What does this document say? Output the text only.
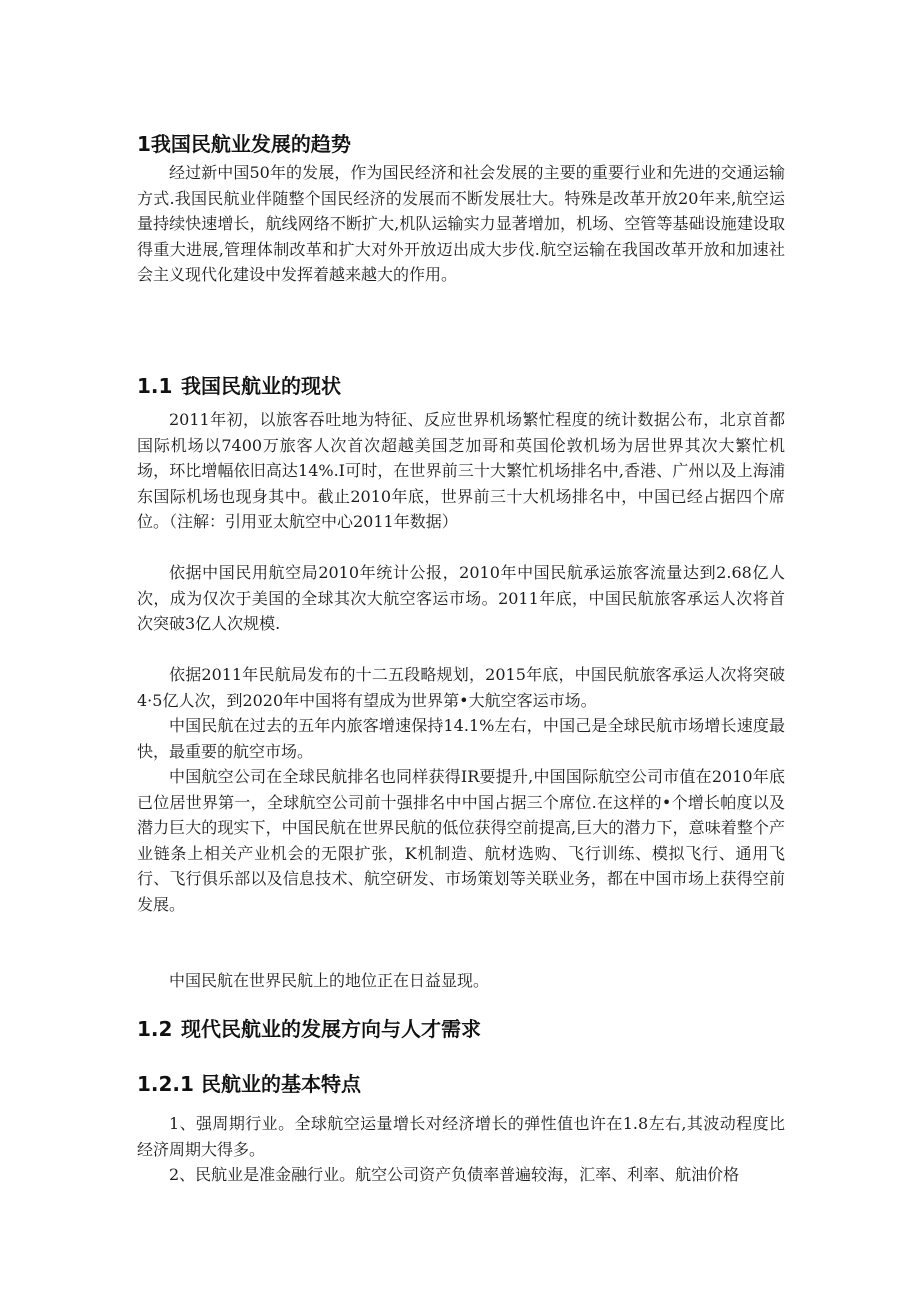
1我国民航业发展的趋势

经过新中国50年的发展，作为国民经济和社会发展的主要的重要行业和先进的交通运输方式.我国民航业伴随整个国民经济的发展而不断发展壮大。特殊是改革开放20年来,航空运量持续快速增长，航线网络不断扩大,机队运输实力显著增加，机场、空管等基础设施建设取得重大进展,管理体制改革和扩大对外开放迈出成大步伐.航空运输在我国改革开放和加速社会主义现代化建设中发挥着越来越大的作用。

1.1 我国民航业的现状

2011年初，以旅客吞吐地为特征、反应世界机场繁忙程度的统计数据公布，北京首都国际机场以7400万旅客人次首次超越美国芝加哥和英国伦敦机场为居世界其次大繁忙机场，环比增幅依旧高达14%.I可时，在世界前三十大繁忙机场排名中,香港、广州以及上海浦东国际机场也现身其中。截止2010年底，世界前三十大机场排名中，中国已经占据四个席位。（注解：引用亚太航空中心2011年数据）

依据中国民用航空局2010年统计公报，2010年中国民航承运旅客流量达到2.68亿人次，成为仅次于美国的全球其次大航空客运市场。2011年底，中国民航旅客承运人次将首次突破3亿人次规模.

依据2011年民航局发布的十二五段略规划，2015年底，中国民航旅客承运人次将突破4·5亿人次，到2020年中国将有望成为世界第•大航空客运市场。

中国民航在过去的五年内旅客增速保持14.1%左右，中国己是全球民航市场增长速度最快，最重要的航空市场。

中国航空公司在全球民航排名也同样获得IR要提升,中国国际航空公司市值在2010年底已位居世界第一，全球航空公司前十强排名中中国占据三个席位.在这样的•个增长帕度以及潜力巨大的现实下，中国民航在世界民航的低位获得空前提高,巨大的潜力下，意味着整个产业链条上相关产业机会的无限扩张，K机制造、航材选购、飞行训练、模拟飞行、通用飞行、飞行俱乐部以及信息技术、航空研发、市场策划等关联业务，都在中国市场上获得空前发展。

中国民航在世界民航上的地位正在日益显现。

1.2 现代民航业的发展方向与人才需求
1.2.1 民航业的基本特点

1、强周期行业。全球航空运量增长对经济增长的弹性值也许在1.8左右,其波动程度比经济周期大得多。

2、民航业是准金融行业。航空公司资产负债率普遍较海，汇率、利率、航油价格
